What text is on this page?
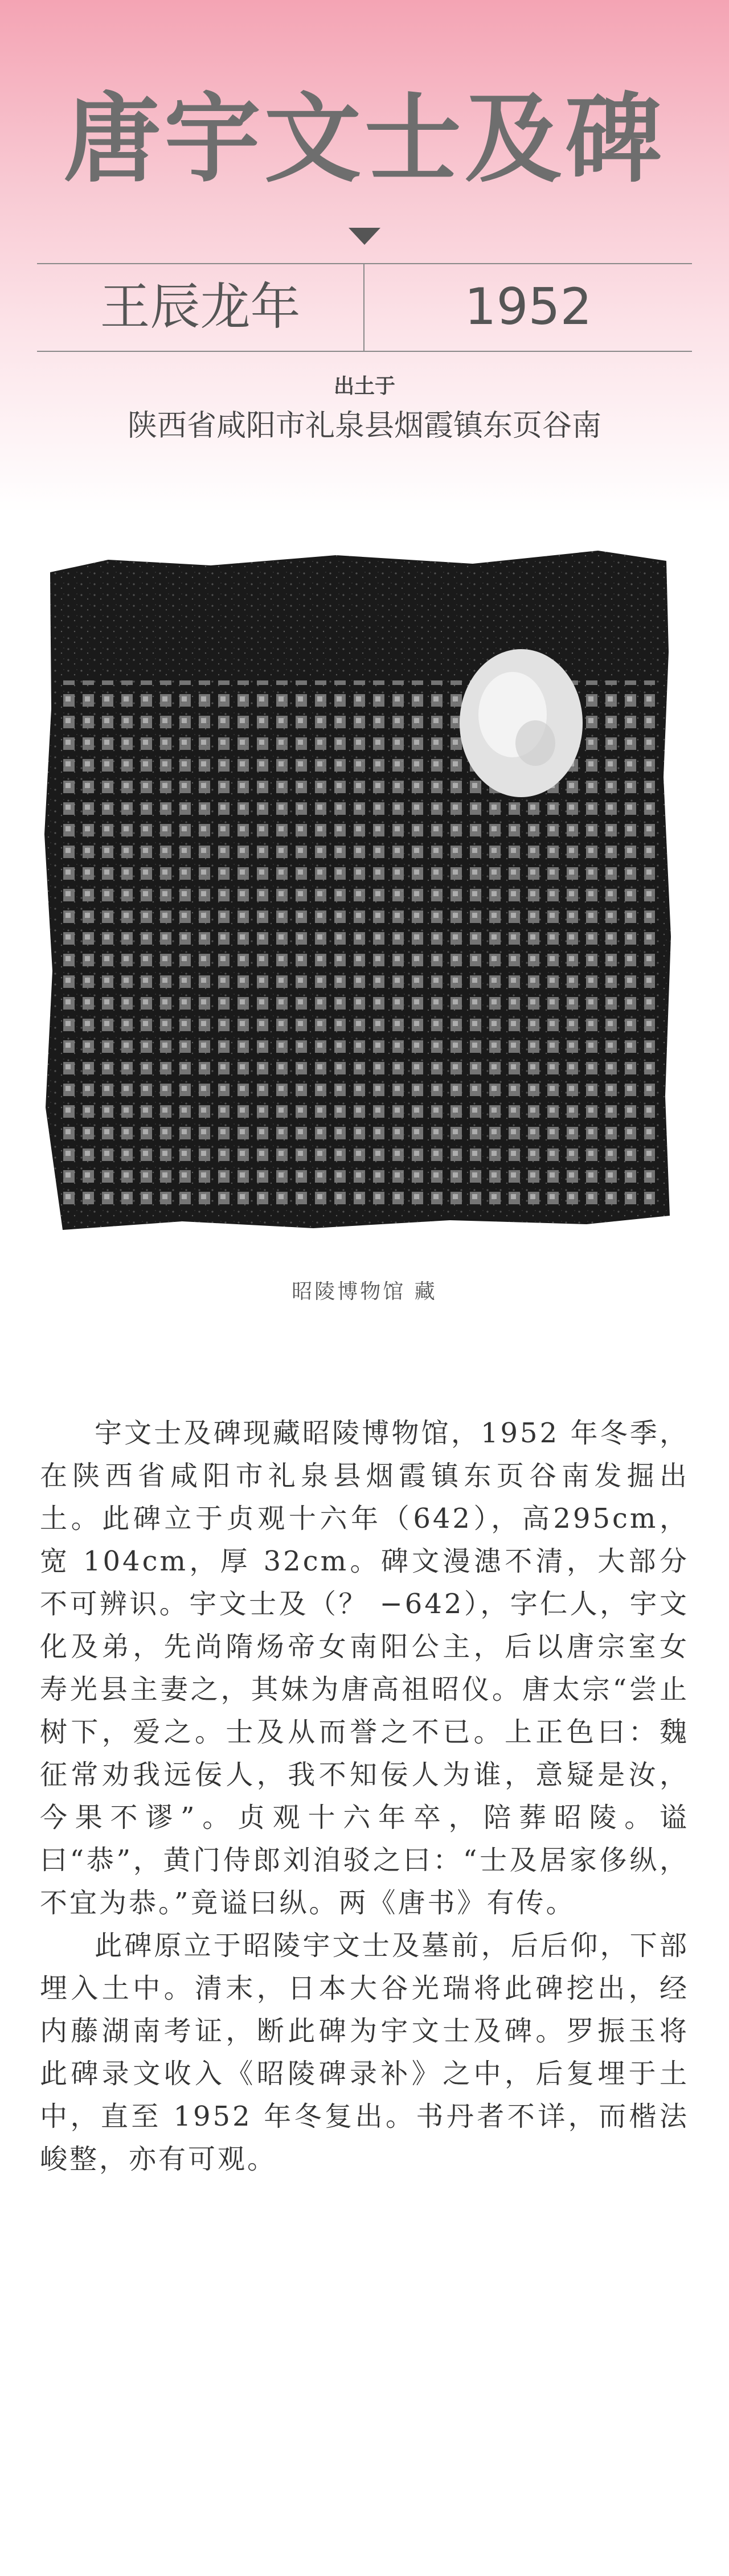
唐宇文士及碑
王辰龙年	1952
出土于
陕西省咸阳市礼泉县烟霞镇东页谷南
昭陵博物馆 藏

宇文士及碑现藏昭陵博物馆，1952 年冬季，在陕西省咸阳市礼泉县烟霞镇东页谷南发掘出土。此碑立于贞观十六年（642），高295cm，宽 104cm，厚 32cm。碑文漫漶不清，大部分不可辨识。宇文士及（？ −642），字仁人，宇文化及弟，先尚隋炀帝女南阳公主，后以唐宗室女寿光县主妻之，其妹为唐高祖昭仪。唐太宗“尝止树下，爱之。士及从而誉之不已。上正色曰：魏征常劝我远佞人，我不知佞人为谁，意疑是汝，今果不谬”。贞观十六年卒，陪葬昭陵。谥曰“恭”，黄门侍郎刘洎驳之曰：“士及居家侈纵，不宜为恭。”竟谥曰纵。两《唐书》有传。

此碑原立于昭陵宇文士及墓前，后后仰，下部埋入土中。清末，日本大谷光瑞将此碑挖出，经内藤湖南考证，断此碑为宇文士及碑。罗振玉将此碑录文收入《昭陵碑录补》之中，后复埋于土中，直至 1952 年冬复出。书丹者不详，而楷法峻整，亦有可观。
